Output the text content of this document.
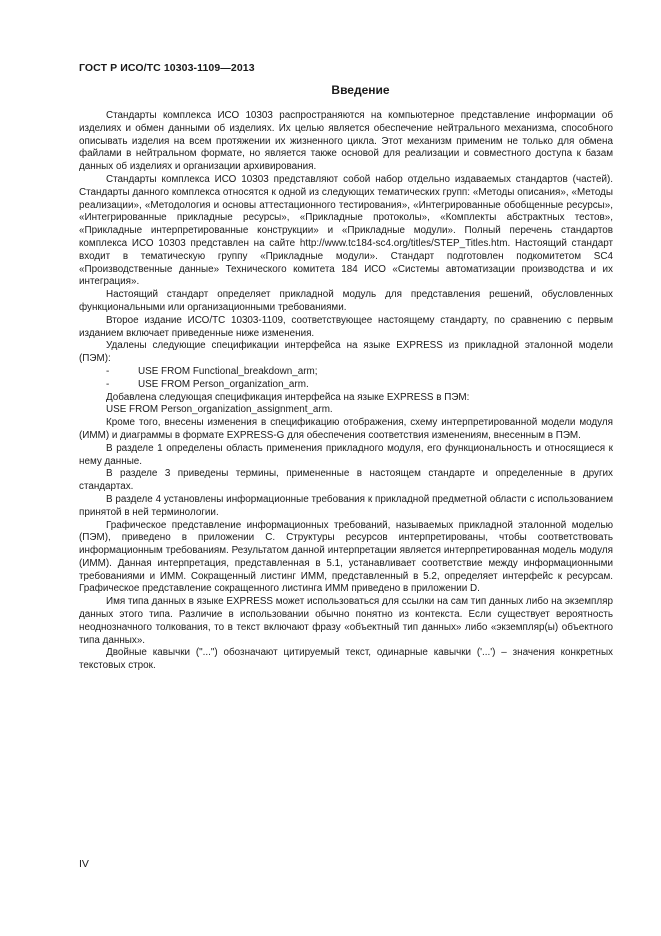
ГОСТ Р ИСО/ТС 10303-1109—2013
Введение

Стандарты комплекса ИСО 10303 распространяются на компьютерное представление информации об изделиях и обмен данными об изделиях. Их целью является обеспечение нейтрального механизма, способного описывать изделия на всем протяжении их жизненного цикла. Этот механизм применим не только для обмена файлами в нейтральном формате, но является также основой для реализации и совместного доступа к базам данных об изделиях и организации архивирования.

Стандарты комплекса ИСО 10303 представляют собой набор отдельно издаваемых стандартов (частей). Стандарты данного комплекса относятся к одной из следующих тематических групп: «Методы описания», «Методы реализации», «Методология и основы аттестационного тестирования», «Интегрированные обобщенные ресурсы», «Интегрированные прикладные ресурсы», «Прикладные протоколы», «Комплекты абстрактных тестов», «Прикладные интерпретированные конструкции» и «Прикладные модули». Полный перечень стандартов комплекса ИСО 10303 представлен на сайте http://www.tc184-sc4.org/titles/STEP_Titles.htm. Настоящий стандарт входит в тематическую группу «Прикладные модули». Стандарт подготовлен подкомитетом SC4 «Производственные данные» Технического комитета 184 ИСО «Системы автоматизации производства и их интеграция».

Настоящий стандарт определяет прикладной модуль для представления решений, обусловленных функциональными или организационными требованиями.

Второе издание ИСО/ТС 10303-1109, соответствующее настоящему стандарту, по сравнению с первым изданием включает приведенные ниже изменения.

Удалены следующие спецификации интерфейса на языке EXPRESS из прикладной эталонной модели (ПЭМ):

-	USE FROM Functional_breakdown_arm;
-	USE FROM Person_organization_arm.

Добавлена следующая спецификация интерфейса на языке EXPRESS в ПЭМ:

USE FROM Person_organization_assignment_arm.

Кроме того, внесены изменения в спецификацию отображения, схему интерпретированной модели модуля (ИММ) и диаграммы в формате EXPRESS-G для обеспечения соответствия изменениям, внесенным в ПЭМ.

В разделе 1 определены область применения прикладного модуля, его функциональность и относящиеся к нему данные.

В разделе 3 приведены термины, примененные в настоящем стандарте и определенные в других стандартах.

В разделе 4 установлены информационные требования к прикладной предметной области с использованием принятой в ней терминологии.

Графическое представление информационных требований, называемых прикладной эталонной моделью (ПЭМ), приведено в приложении С. Структуры ресурсов интерпретированы, чтобы соответствовать информационным требованиям. Результатом данной интерпретации является интерпретированная модель модуля (ИММ). Данная интерпретация, представленная в 5.1, устанавливает соответствие между информационными требованиями и ИММ. Сокращенный листинг ИММ, представленный в 5.2, определяет интерфейс к ресурсам. Графическое представление сокращенного листинга ИММ приведено в приложении D.

Имя типа данных в языке EXPRESS может использоваться для ссылки на сам тип данных либо на экземпляр данных этого типа. Различие в использовании обычно понятно из контекста. Если существует вероятность неоднозначного толкования, то в текст включают фразу «объектный тип данных» либо «экземпляр(ы) объектного типа данных».

Двойные кавычки ("...") обозначают цитируемый текст, одинарные кавычки ('...') – значения конкретных текстовых строк.

IV
